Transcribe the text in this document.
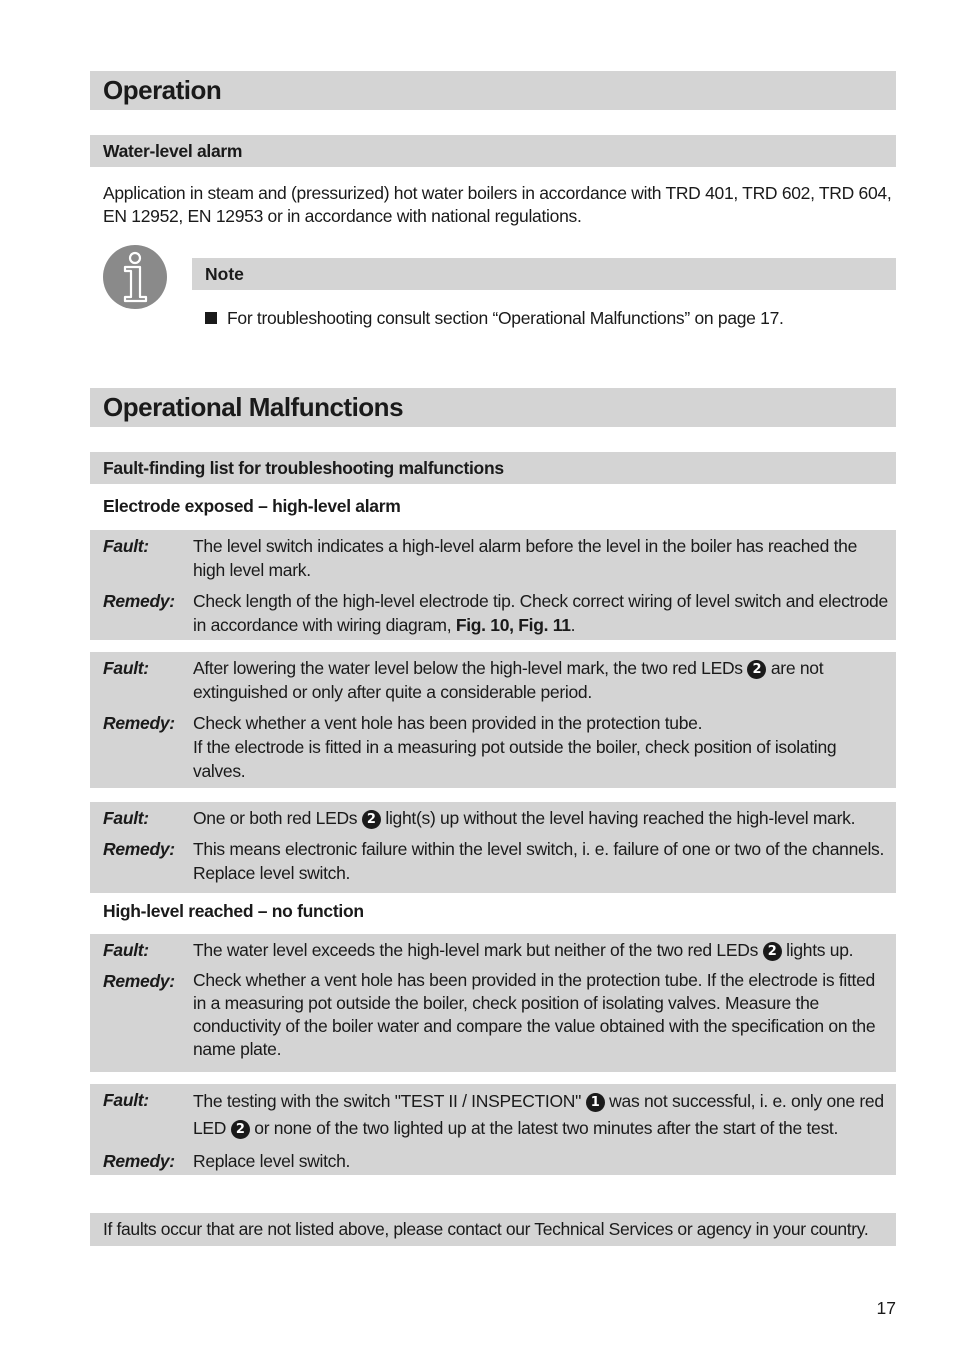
Operation
Water-level alarm
Application in steam and (pressurized) hot water boilers in accordance with TRD 401, TRD 602, TRD 604,
EN 12952, EN 12953 or in accordance with national regulations.
Note
For troubleshooting consult section “Operational Malfunctions” on page 17.
Operational Malfunctions
Fault-finding list for troubleshooting malfunctions
Electrode exposed – high-level alarm
Fault:	The level switch indicates a high-level alarm before the level in the boiler has reached the high level mark.
Remedy:	Check length of the high-level electrode tip. Check correct wiring of level switch and electrode in accordance with wiring diagram, Fig. 10, Fig. 11.
Fault:	After lowering the water level below the high-level mark, the two red LEDs 2 are not extinguished or only after quite a considerable period.
Remedy:	Check whether a vent hole has been provided in the protection tube.
If the electrode is fitted in a measuring pot outside the boiler, check position of isolating valves.
Fault:	One or both red LEDs 2 light(s) up without the level having reached the high-level mark.
Remedy:	This means electronic failure within the level switch, i. e. failure of one or two of the channels. Replace level switch.
High-level reached – no function
Fault:	The water level exceeds the high-level mark but neither of the two red LEDs 2 lights up.
Remedy:	Check whether a vent hole has been provided in the protection tube. If the electrode is fitted in a measuring pot outside the boiler, check position of isolating valves. Measure the conductivity of the boiler water and compare the value obtained with the specification on the name plate.
Fault:	The testing with the switch "TEST II / INSPECTION" 1 was not successful, i. e. only one red LED 2 or none of the two lighted up at the latest two minutes after the start of the test.
Remedy:	Replace level switch.
If faults occur that are not listed above, please contact our Technical Services or agency in your country.
17
